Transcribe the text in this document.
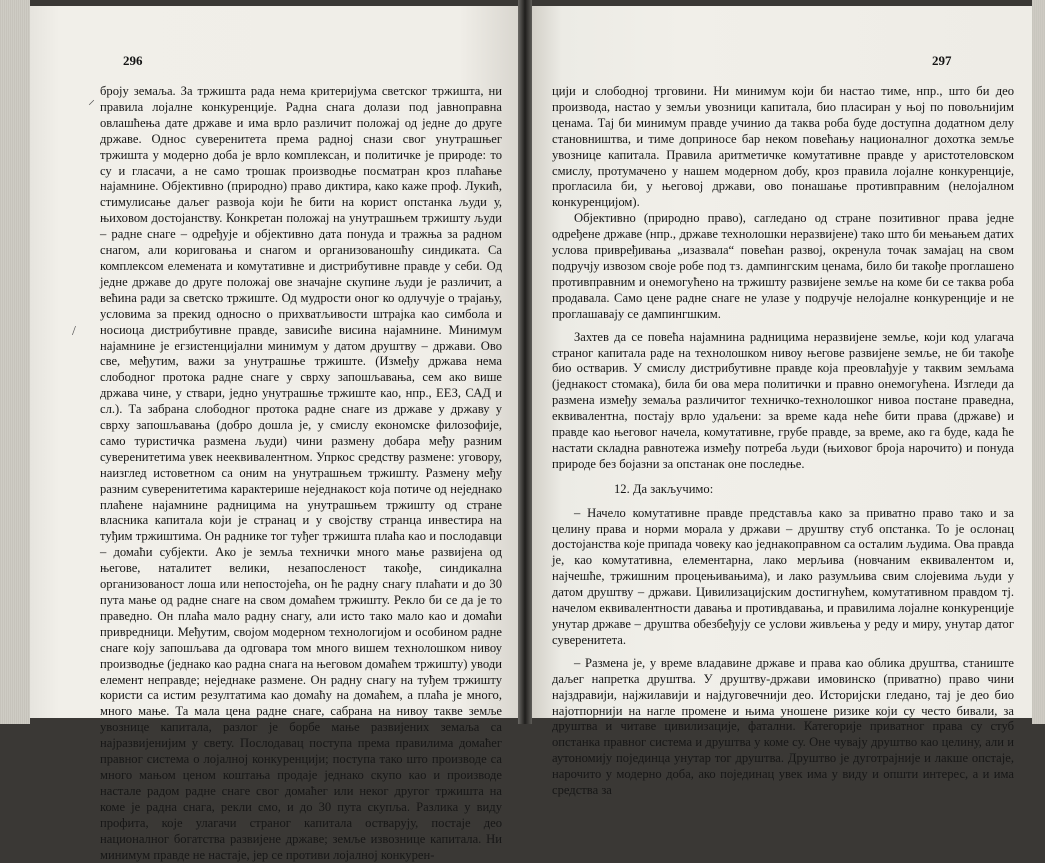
296
⸝
/

броју земаља. За тржишта рада нема критеријума светског тржишта, ни правила лојалне конкуренције. Радна снага долази под јавноправна овлашћења дате државе и има врло различит положај од једне до друге државе. Однос суверенитета према радној снази свог унутрашњег тржишта у модерно доба је врло комплексан, и политичке је природе: то су и гласачи, а не само трошак производње посматран кроз плаћање најамнине. Објективно (природно) право диктира, како каже проф. Лукић, стимулисање даљег развоја који ће бити на корист опстанка људи у, њиховом достојанству. Конкретан положај на унутрашњем тржишту људи – радне снаге – одређује и објективно дата понуда и тражња за радном снагом, али кориговања и снагом и организованошћу синдиката. Са комплексом елемената и комутативне и дистрибутивне правде у себи. Од једне државе до друге положај ове значајне скупине људи је различит, а већина ради за светско тржиште. Од мудрости оног ко одлучује о трајању, условима за прекид односно о прихватљивости штрајка као симбола и носиоца дистрибутивне правде, зависиће висина најамнине. Минимум најамнине је егзистенцијални минимум у датом друштву – држави. Ово све, међутим, важи за унутрашње тржиште. (Између држава нема слободног протока радне снаге у сврху запошљавања, сем ако више држава чине, у ствари, једно унутрашње тржиште као, нпр., ЕЕЗ, САД и сл.). Та забрана слободног протока радне снаге из државе у државу у сврху запошљавања (добро дошла је, у смислу економске филозофије, само туристичка размена људи) чини размену добара међу разним суверенитетима увек нееквивалентном. Упркос средству размене: уговору, наизглед истоветном са оним на унутрашњем тржишту. Размену међу разним суверенитетима карактерише неједнакост која потиче од неједнако плаћене најамнине радницима на унутрашњем тржишту од стране власника капитала који је странац и у својству странца инвестира на туђим тржиштима. Он раднике тог туђег тржишта плаћа као и послодавци – домаћи субјекти. Ако је земља технички много мање развијена од његове, наталитет велики, незапосленост такође, синдикална организованост лоша или непостојећа, он ће радну снагу плаћати и до 30 пута мање од радне снаге на свом домаћем тржишту. Рекло би се да је то праведно. Он плаћа мало радну снагу, али исто тако мало као и домаћи привредници. Међутим, својом модерном технологијом и особином радне снаге коју запошљава да одговара том много вишем технолошком нивоу производње (једнако као радна снага на његовом домаћем тржишту) уводи елемент неправде; неједнаке размене. Он радну снагу на туђем тржишту користи са истим резултатима као домаћу на домаћем, а плаћа је много, много мање. Та мала цена радне снаге, сабрана на нивоу такве земље увознице капитала, разлог је борбе мање развијених земаља са најразвијенијим у свету. Послодавац поступа према правилима домаћег правног система о лојалној конкуренцији; поступа тако што производе са много мањом ценом коштања продаје једнако скупо као и производе настале радом радне снаге свог домаћег или неког другог тржишта на коме је радна снага, рекли смо, и до 30 пута скупља. Разлика у виду профита, које улагачи страног капитала остварују, постаје део националног богатства развијене државе; земље извознице капитала. Ни минимум правде не настаје, јер се противи лојалној конкурен-

297

цији и слободној трговини. Ни минимум који би настао тиме, нпр., што би део производа, настао у земљи увозници капитала, био пласиран у њој по повољнијим ценама. Тај би минимум правде учинио да таква роба буде доступна додатном делу становништва, и тиме доприносе бар неком повећању националног дохотка земље увознице капитала. Правила аритметичке комутативне правде у аристотеловском смислу, протумачено у нашем модерном добу, кроз правила лојалне конкуренције, прогласила би, у његовој држави, ово понашање противправним (нелојалном конкуренцијом).

Објективно (природно право), сагледано од стране позитивног права једне одређене државе (нпр., државе технолошки неразвијене) тако што би мењањем датих услова привређивања „изазвала“ повећан развој, окренула точак замајац на свом подручју извозом своје робе под тз. дампингским ценама, било би такође проглашено противправним и онемогућено на тржишту развијене земље на коме би се таква роба продавала. Само цене радне снаге не улазе у подручје нелојалне конкуренције и не проглашавају се дампингшким.

Захтев да се повећа најамнина радницима неразвијене земље, који код улагача страног капитала раде на технолошком нивоу његове развијене земље, не би такође био остварив. У смислу дистрибутивне правде која преовлађује у таквим земљама (једнакост стомака), била би ова мера политички и правно онемогућена. Изгледи да размена између земаља различитог техничко-технолошког нивоа постане праведна, еквивалентна, постају врло удаљени: за време када неће бити права (државе) и правде као његовог начела, комутативне, грубе правде, за време, ако га буде, када ће настати складна равнотежа између потреба људи (њиховог броја нарочито) и понуда природе без бојазни за опстанак оне последње.

12. Да закључимо:

– Начело комутативне правде представља како за приватно право тако и за целину права и норми морала у држави – друштву стуб опстанка. То је ослонац достојанства које припада човеку као једнакоправном са осталим људима. Ова правда је, као комутативна, елементарна, лако мерљива (новчаним еквивалентом и, најчешће, тржишним процењивањима), и лако разумљива свим слојевима људи у датом друштву – држави. Цивилизацијским достигнућем, комутативном правдом тј. начелом еквивалентности давања и противдавања, и правилима лојалне конкуренције унутар државе – друштва обезбеђују се услови живљења у реду и миру, унутар датог суверенитета.

– Размена је, у време владавине државе и права као облика друштва, станиште даљег напретка друштва. У друштву-држави имовинско (приватно) право чини најздравији, најжилавији и најдуговечнији део. Историјски гледано, тај је део био најотпорнији на нагле промене и њима уношене ризике који су често бивали, за друштва и читаве цивилизације, фатални. Категорије приватног права су стуб опстанка правног система и друштва у коме су. Оне чувају друштво као целину, али и аутономију појединца унутар тог друштва. Друштво је дуготрајније и лакше опстаје, нарочито у модерно доба, ако појединац увек има у виду и општи интерес, а и има средства за
